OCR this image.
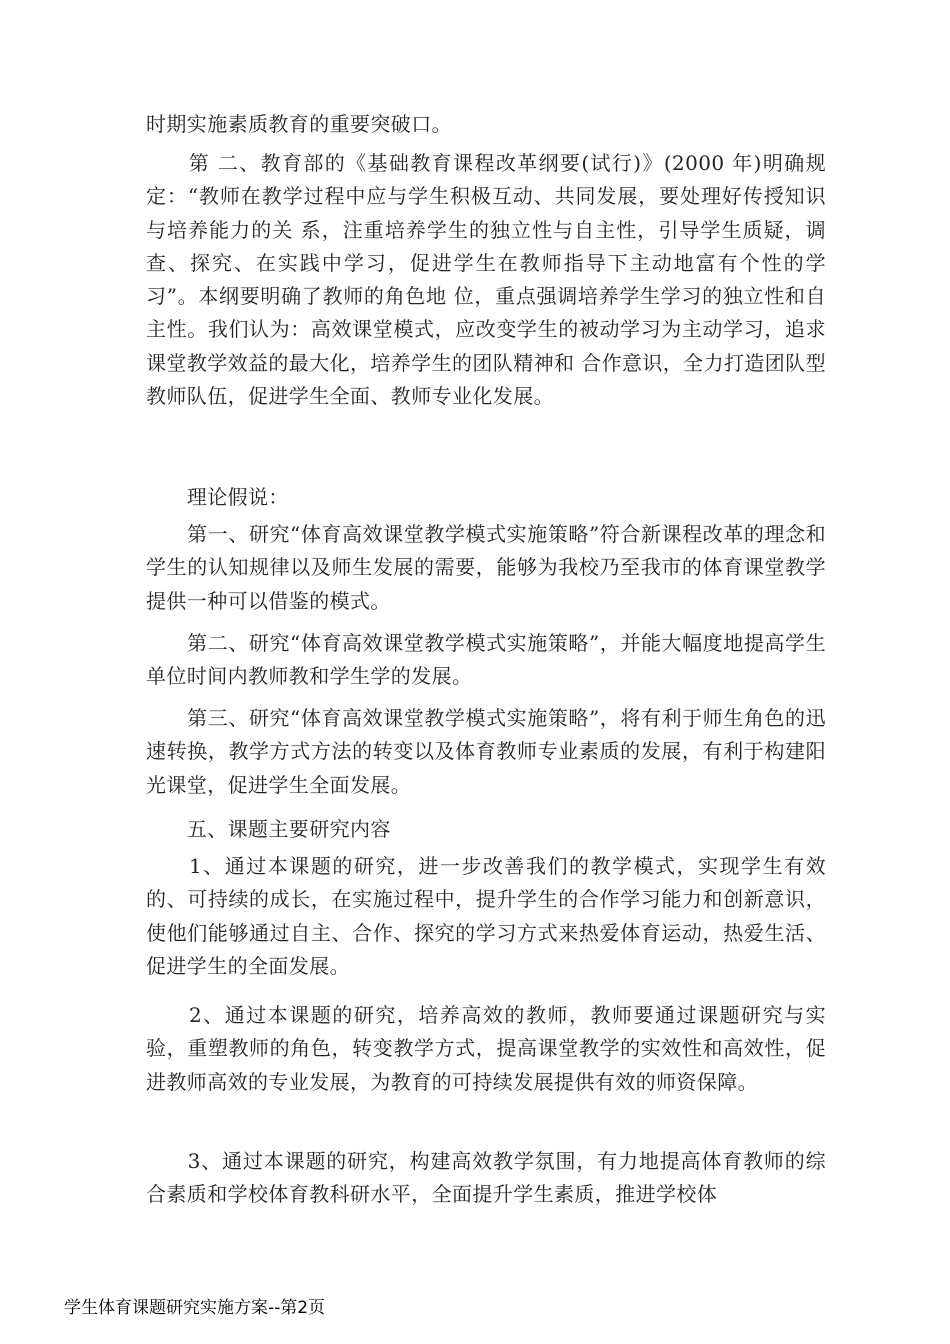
时期实施素质教育的重要突破口。

　　第 二、教育部的《基础教育课程改革纲要(试行)》(2000 年)明确规定：“教师在教学过程中应与学生积极互动、共同发展，要处理好传授知识与培养能力的关 系，注重培养学生的独立性与自主性，引导学生质疑，调查、探究、在实践中学习，促进学生在教师指导下主动地富有个性的学习”。本纲要明确了教师的角色地 位，重点强调培养学生学习的独立性和自主性。我们认为：高效课堂模式，应改变学生的被动学习为主动学习，追求课堂教学效益的最大化，培养学生的团队精神和 合作意识，全力打造团队型教师队伍，促进学生全面、教师专业化发展。

　　理论假说：

　　第一、研究“体育高效课堂教学模式实施策略”符合新课程改革的理念和学生的认知规律以及师生发展的需要，能够为我校乃至我市的体育课堂教学提供一种可以借鉴的模式。

　　第二、研究“体育高效课堂教学模式实施策略”，并能大幅度地提高学生单位时间内教师教和学生学的发展。

　　第三、研究“体育高效课堂教学模式实施策略”，将有利于师生角色的迅速转换，教学方式方法的转变以及体育教师专业素质的发展，有利于构建阳光课堂，促进学生全面发展。

　　五、课题主要研究内容

　　1、通过本课题的研究，进一步改善我们的教学模式，实现学生有效的、可持续的成长，在实施过程中，提升学生的合作学习能力和创新意识，使他们能够通过自主、合作、探究的学习方式来热爱体育运动，热爱生活、促进学生的全面发展。

　　2、通过本课题的研究，培养高效的教师，教师要通过课题研究与实验，重塑教师的角色，转变教学方式，提高课堂教学的实效性和高效性，促进教师高效的专业发展，为教育的可持续发展提供有效的师资保障。

　　3、通过本课题的研究，构建高效教学氛围，有力地提高体育教师的综合素质和学校体育教科研水平，全面提升学生素质，推进学校体

学生体育课题研究实施方案--第2页
